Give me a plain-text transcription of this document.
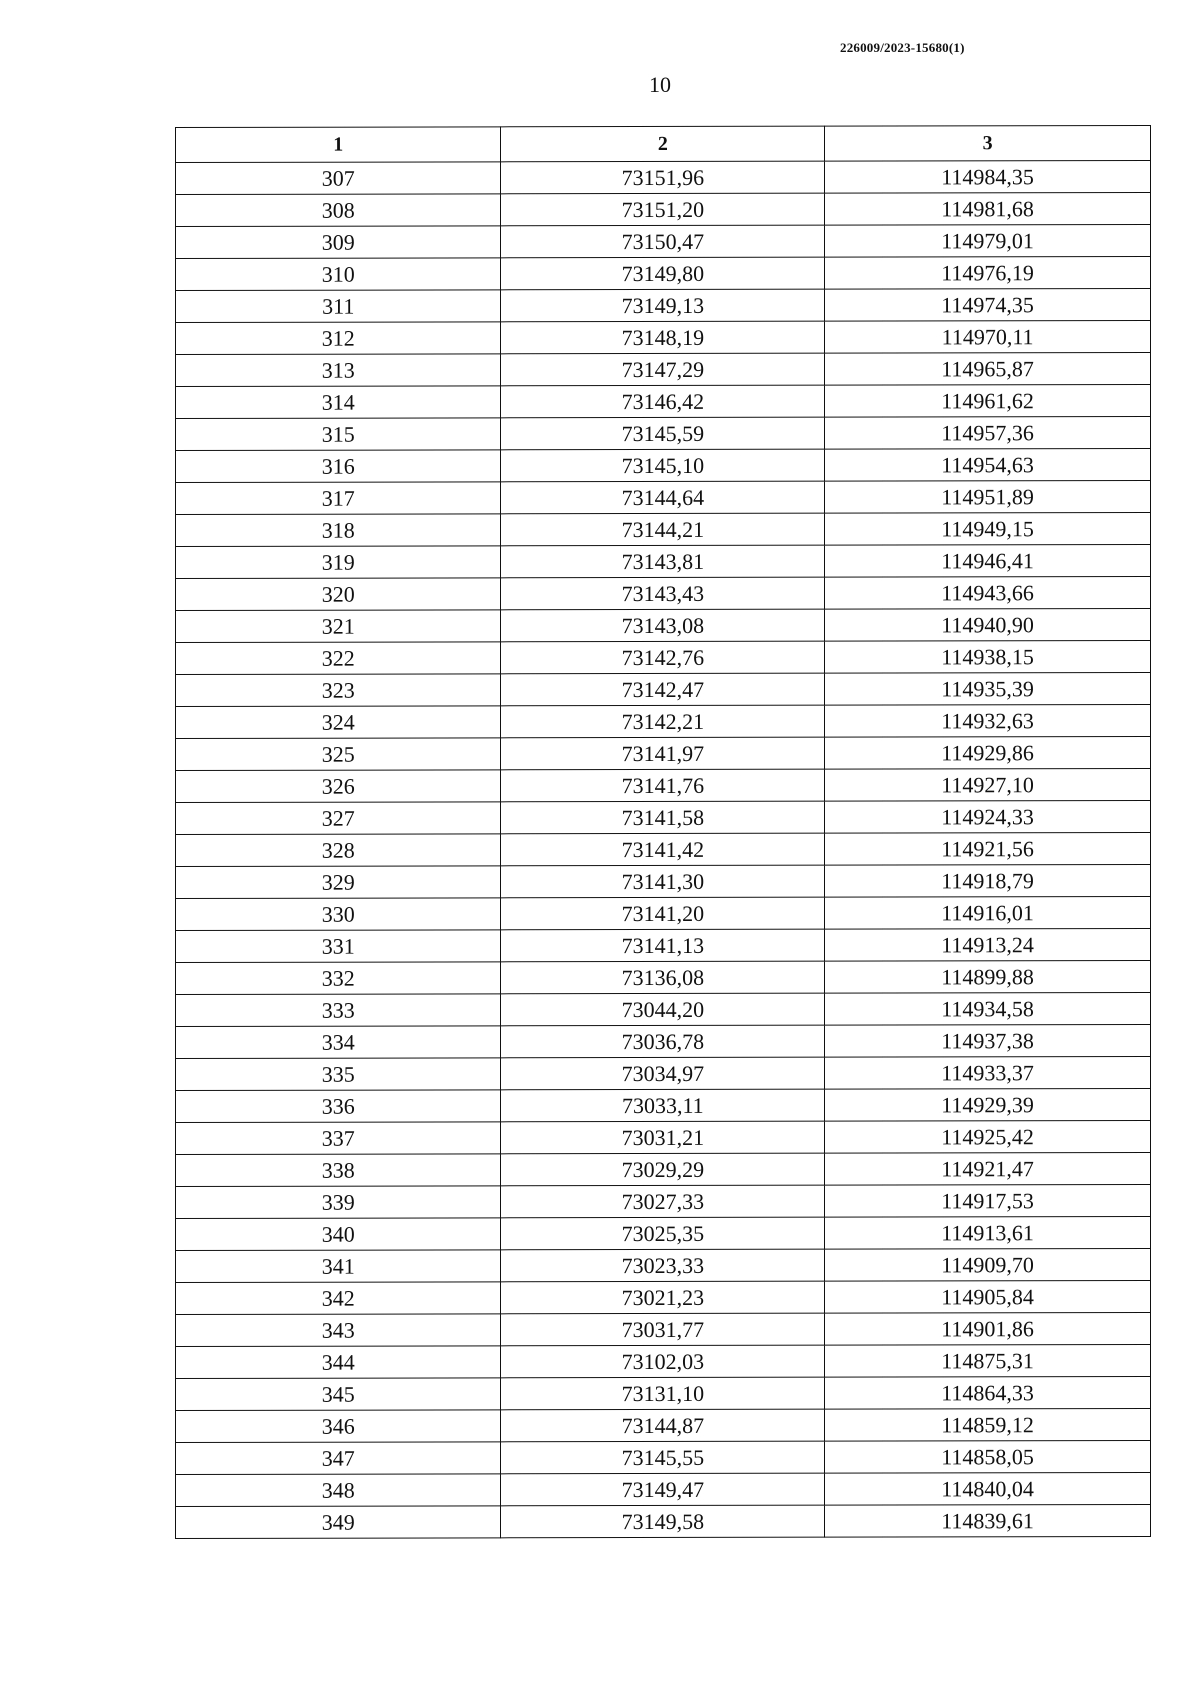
226009/2023-15680(1)
10
1	2	3
307	73151,96	114984,35
308	73151,20	114981,68
309	73150,47	114979,01
310	73149,80	114976,19
311	73149,13	114974,35
312	73148,19	114970,11
313	73147,29	114965,87
314	73146,42	114961,62
315	73145,59	114957,36
316	73145,10	114954,63
317	73144,64	114951,89
318	73144,21	114949,15
319	73143,81	114946,41
320	73143,43	114943,66
321	73143,08	114940,90
322	73142,76	114938,15
323	73142,47	114935,39
324	73142,21	114932,63
325	73141,97	114929,86
326	73141,76	114927,10
327	73141,58	114924,33
328	73141,42	114921,56
329	73141,30	114918,79
330	73141,20	114916,01
331	73141,13	114913,24
332	73136,08	114899,88
333	73044,20	114934,58
334	73036,78	114937,38
335	73034,97	114933,37
336	73033,11	114929,39
337	73031,21	114925,42
338	73029,29	114921,47
339	73027,33	114917,53
340	73025,35	114913,61
341	73023,33	114909,70
342	73021,23	114905,84
343	73031,77	114901,86
344	73102,03	114875,31
345	73131,10	114864,33
346	73144,87	114859,12
347	73145,55	114858,05
348	73149,47	114840,04
349	73149,58	114839,61
